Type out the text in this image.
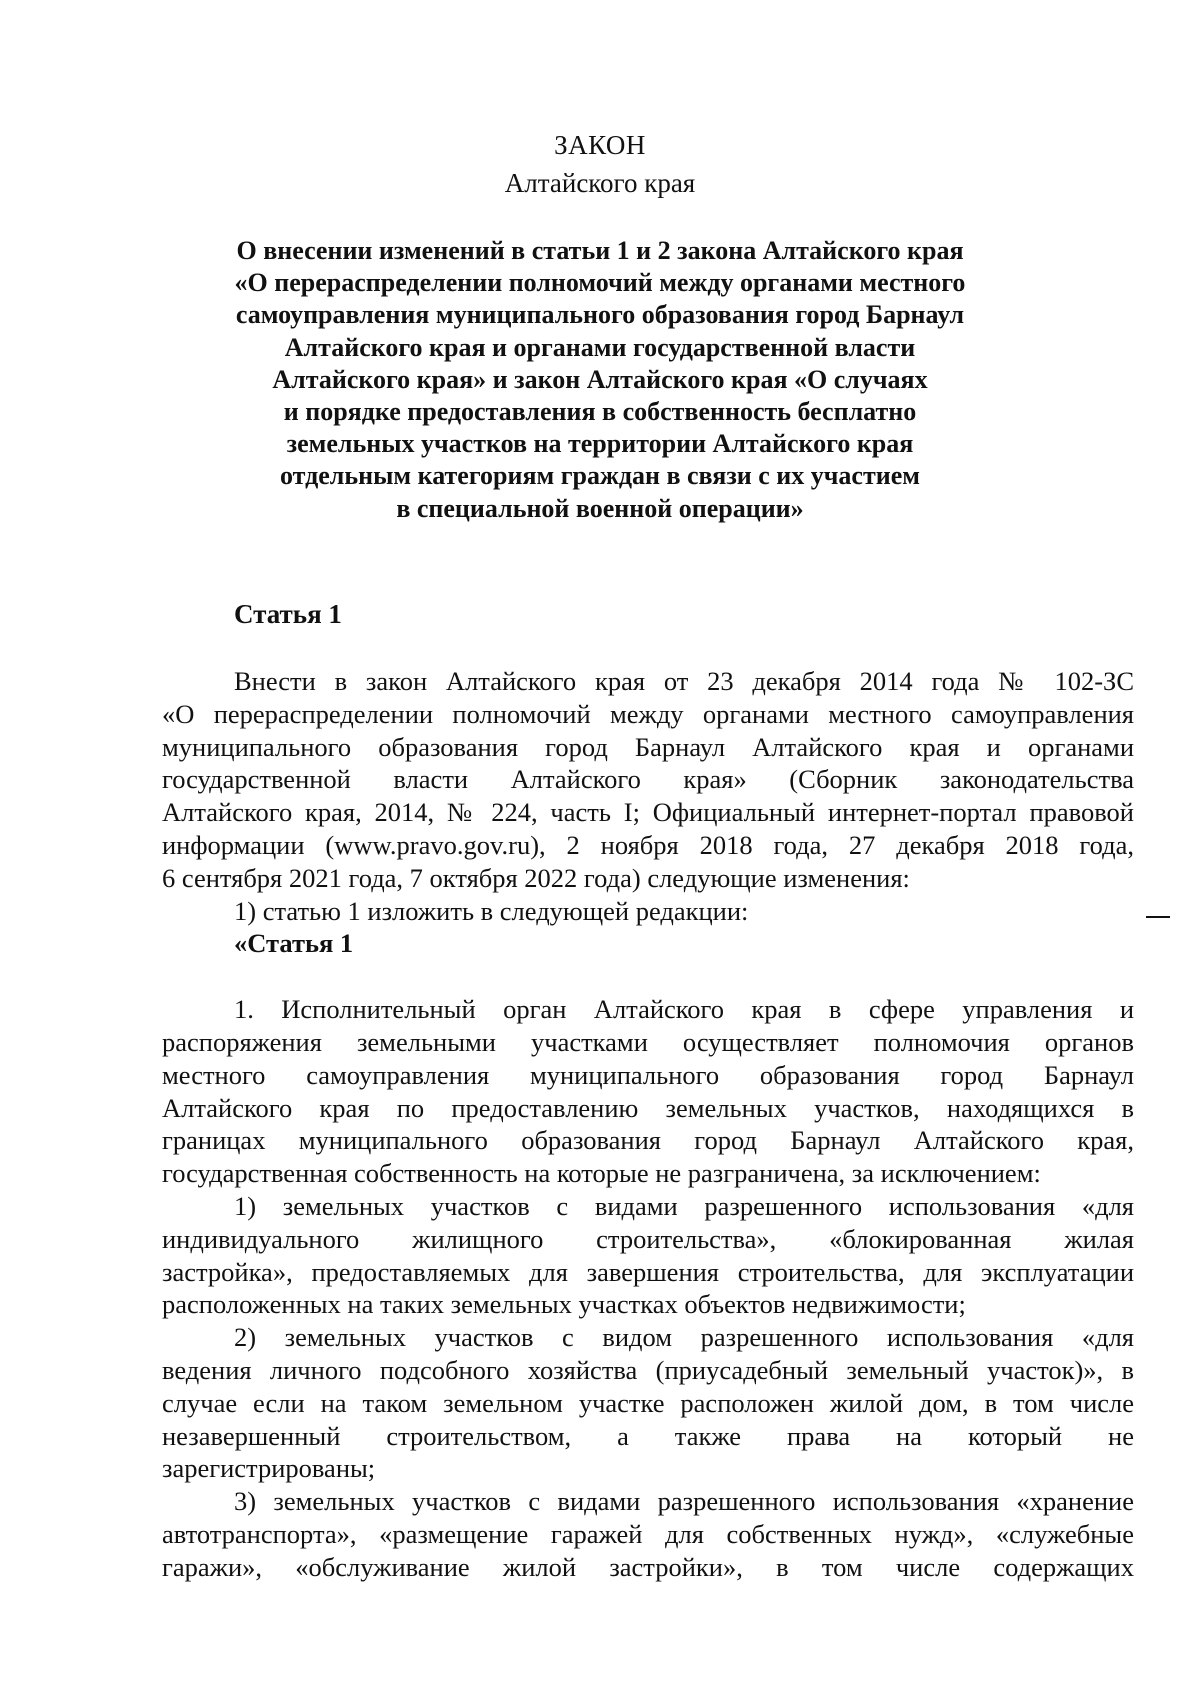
ЗАКОН
Алтайского края
О внесении изменений в статьи 1 и 2 закона Алтайского края
«О перераспределении полномочий между органами местного
самоуправления муниципального образования город Барнаул
Алтайского края и органами государственной власти
Алтайского края» и закон Алтайского края «О случаях
и порядке предоставления в собственность бесплатно
земельных участков на территории Алтайского края
отдельным категориям граждан в связи с их участием
в специальной военной операции»
Статья 1

Внести в закон Алтайского края от 23 декабря 2014 года № 102-ЗС

«О перераспределении полномочий между органами местного самоуправления

муниципального образования город Барнаул Алтайского края и органами

государственной власти Алтайского края» (Сборник законодательства

Алтайского края, 2014, № 224, часть I; Официальный интернет-портал правовой

информации (www.pravo.gov.ru), 2 ноября 2018 года, 27 декабря 2018 года,

6 сентября 2021 года, 7 октября 2022 года) следующие изменения:

1) статью 1 изложить в следующей редакции:

«Статья 1

1. Исполнительный орган Алтайского края в сфере управления и

распоряжения земельными участками осуществляет полномочия органов

местного самоуправления муниципального образования город Барнаул

Алтайского края по предоставлению земельных участков, находящихся в

границах муниципального образования город Барнаул Алтайского края,

государственная собственность на которые не разграничена, за исключением:

1) земельных участков с видами разрешенного использования «для

индивидуального жилищного строительства», «блокированная жилая

застройка», предоставляемых для завершения строительства, для эксплуатации

расположенных на таких земельных участках объектов недвижимости;

2) земельных участков с видом разрешенного использования «для

ведения личного подсобного хозяйства (приусадебный земельный участок)», в

случае если на таком земельном участке расположен жилой дом, в том числе

незавершенный строительством, а также права на который не

зарегистрированы;

3) земельных участков с видами разрешенного использования «хранение

автотранспорта», «размещение гаражей для собственных нужд», «служебные

гаражи», «обслуживание жилой застройки», в том числе содержащих
